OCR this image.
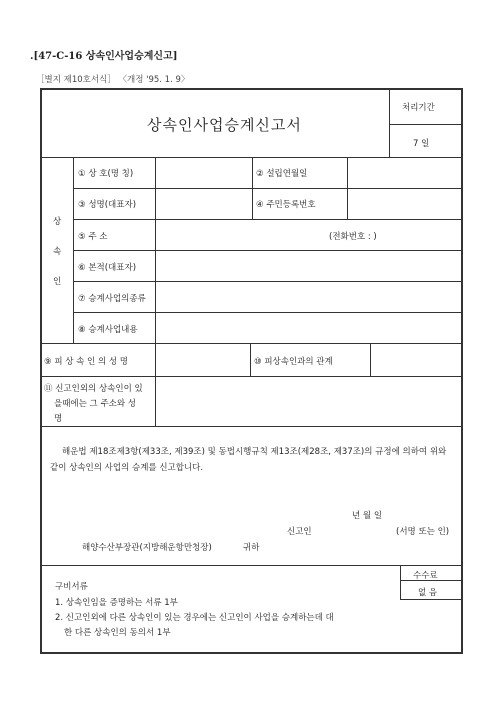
.[47-C-16 상속인사업승계신고]
［별지 제10호서식］ 〈개정 '95. 1. 9〉
상속인사업승계신고서
처리기간
7 일
상
속
인
① 상 호(명 칭)	② 설립연월일
③ 성명(대표자)	④ 주민등록번호
⑤ 주 소	(전화번호 : )
⑥ 본적(대표자)
⑦ 승계사업의종류
⑧ 승계사업내용
⑨ 피 상 속 인 의 성 명	⑩ 피상속인과의 관계
⑪ 신고인외의 상속인이 있
을때에는 그 주소와 성
명
해운법 제18조제3항(제33조, 제39조) 및 동법시행규칙 제13조(제28조, 제37조)의 규정에 의하여 위와 같이 상속인의 사업의 승계를 신고합니다.
년 월 일
신고인	(서명 또는 인)
해양수산부장관(지방해운항만청장)	귀하
구비서류
1. 상속인임을 증명하는 서류 1부
2. 신고인외에 다른 상속인이 있는 경우에는 신고인이 사업을 승계하는데 대
한 다른 상속인의 동의서 1부
수수료
없 음
